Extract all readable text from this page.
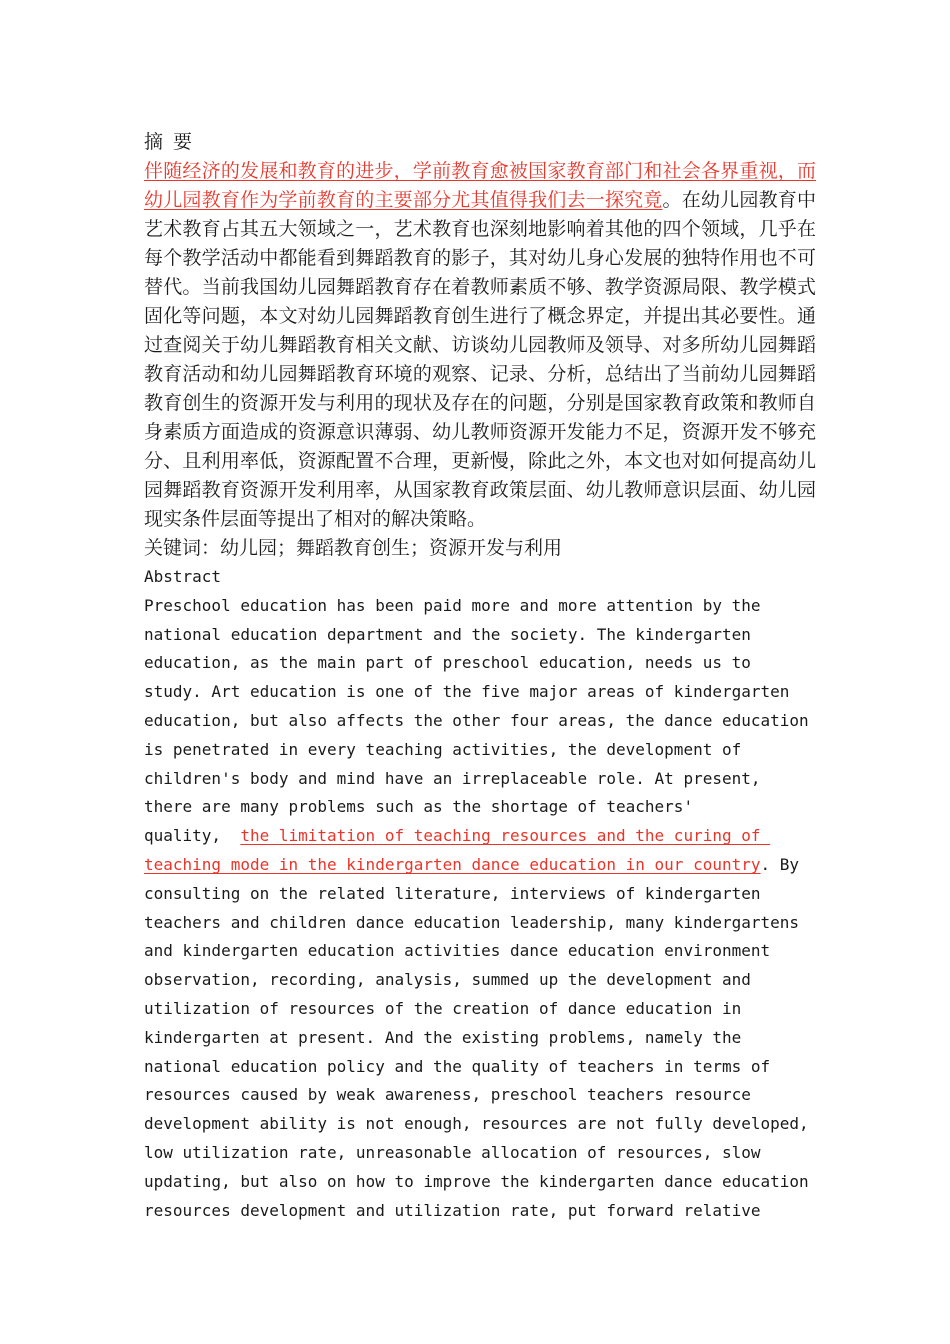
摘 要

伴随经济的发展和教育的进步，学前教育愈被国家教育部门和社会各界重视，而幼儿园教育作为学前教育的主要部分尤其值得我们去一探究竟。在幼儿园教育中艺术教育占其五大领域之一，艺术教育也深刻地影响着其他的四个领域，几乎在每个教学活动中都能看到舞蹈教育的影子，其对幼儿身心发展的独特作用也不可替代。当前我国幼儿园舞蹈教育存在着教师素质不够、教学资源局限、教学模式固化等问题，本文对幼儿园舞蹈教育创生进行了概念界定，并提出其必要性。通过查阅关于幼儿舞蹈教育相关文献、访谈幼儿园教师及领导、对多所幼儿园舞蹈教育活动和幼儿园舞蹈教育环境的观察、记录、分析，总结出了当前幼儿园舞蹈教育创生的资源开发与利用的现状及存在的问题，分别是国家教育政策和教师自身素质方面造成的资源意识薄弱、幼儿教师资源开发能力不足，资源开发不够充分、且利用率低，资源配置不合理，更新慢，除此之外，本文也对如何提高幼儿园舞蹈教育资源开发利用率，从国家教育政策层面、幼儿教师意识层面、幼儿园现实条件层面等提出了相对的解决策略。

关键词：幼儿园；舞蹈教育创生；资源开发与利用

Abstract

Preschool education has been paid more and more attention by the

national education department and the society. The kindergarten

education, as the main part of preschool education, needs us to

study. Art education is one of the five major areas of kindergarten

education, but also affects the other four areas, the dance education

is penetrated in every teaching activities, the development of

children's body and mind have an irreplaceable role. At present,

there are many problems such as the shortage of teachers'

quality,  the limitation of teaching resources and the curing of

teaching mode in the kindergarten dance education in our country. By

consulting on the related literature, interviews of kindergarten

teachers and children dance education leadership, many kindergartens

and kindergarten education activities dance education environment

observation, recording, analysis, summed up the development and

utilization of resources of the creation of dance education in

kindergarten at present. And the existing problems, namely the

national education policy and the quality of teachers in terms of

resources caused by weak awareness, preschool teachers resource

development ability is not enough, resources are not fully developed,

low utilization rate, unreasonable allocation of resources, slow

updating, but also on how to improve the kindergarten dance education

resources development and utilization rate, put forward relative
